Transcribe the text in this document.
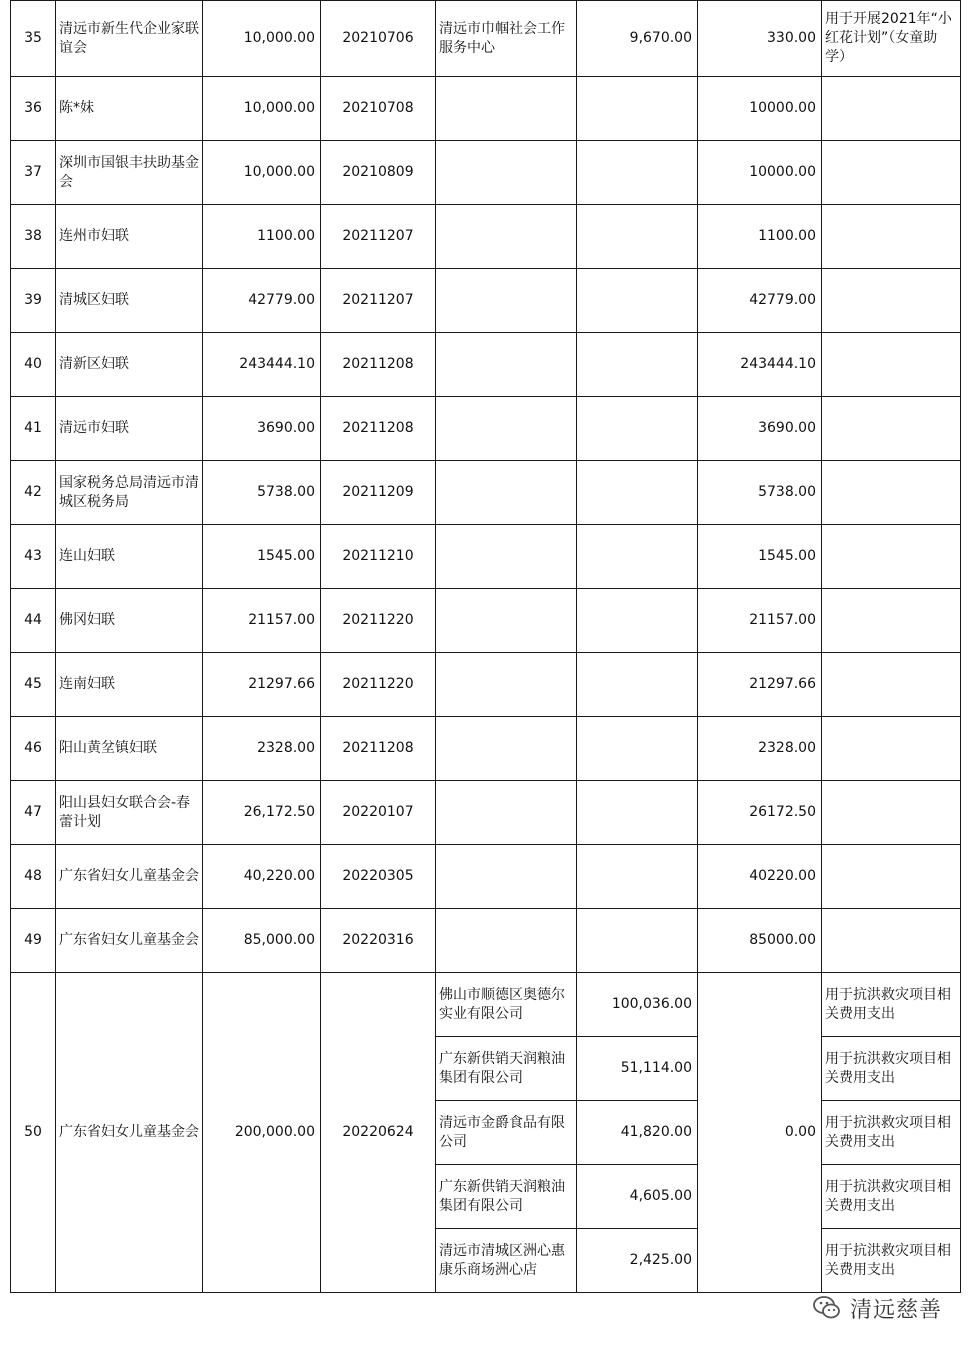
35	清远市新生代企业家联谊会	10,000.00	20210706	清远市巾帼社会工作服务中心	9,670.00	330.00	用于开展2021年“小红花计划”（女童助学）
36	陈*妹	10,000.00	20210708			10000.00	
37	深圳市国银丰扶助基金会	10,000.00	20210809			10000.00	
38	连州市妇联	1100.00	20211207			1100.00	
39	清城区妇联	42779.00	20211207			42779.00	
40	清新区妇联	243444.10	20211208			243444.10	
41	清远市妇联	3690.00	20211208			3690.00	
42	国家税务总局清远市清城区税务局	5738.00	20211209			5738.00	
43	连山妇联	1545.00	20211210			1545.00	
44	佛冈妇联	21157.00	20211220			21157.00	
45	连南妇联	21297.66	20211220			21297.66	
46	阳山黄坌镇妇联	2328.00	20211208			2328.00	
47	阳山县妇女联合会-春蕾计划	26,172.50	20220107			26172.50	
48	广东省妇女儿童基金会	40,220.00	20220305			40220.00	
49	广东省妇女儿童基金会	85,000.00	20220316			85000.00	
50	广东省妇女儿童基金会	200,000.00	20220624	佛山市顺德区奥德尔实业有限公司	100,036.00	0.00	用于抗洪救灾项目相关费用支出
				广东新供销天润粮油集团有限公司	51,114.00		用于抗洪救灾项目相关费用支出
				清远市金爵食品有限公司	41,820.00		用于抗洪救灾项目相关费用支出
				广东新供销天润粮油集团有限公司	4,605.00		用于抗洪救灾项目相关费用支出
				清远市清城区洲心惠康乐商场洲心店	2,425.00		用于抗洪救灾项目相关费用支出
清远慈善
